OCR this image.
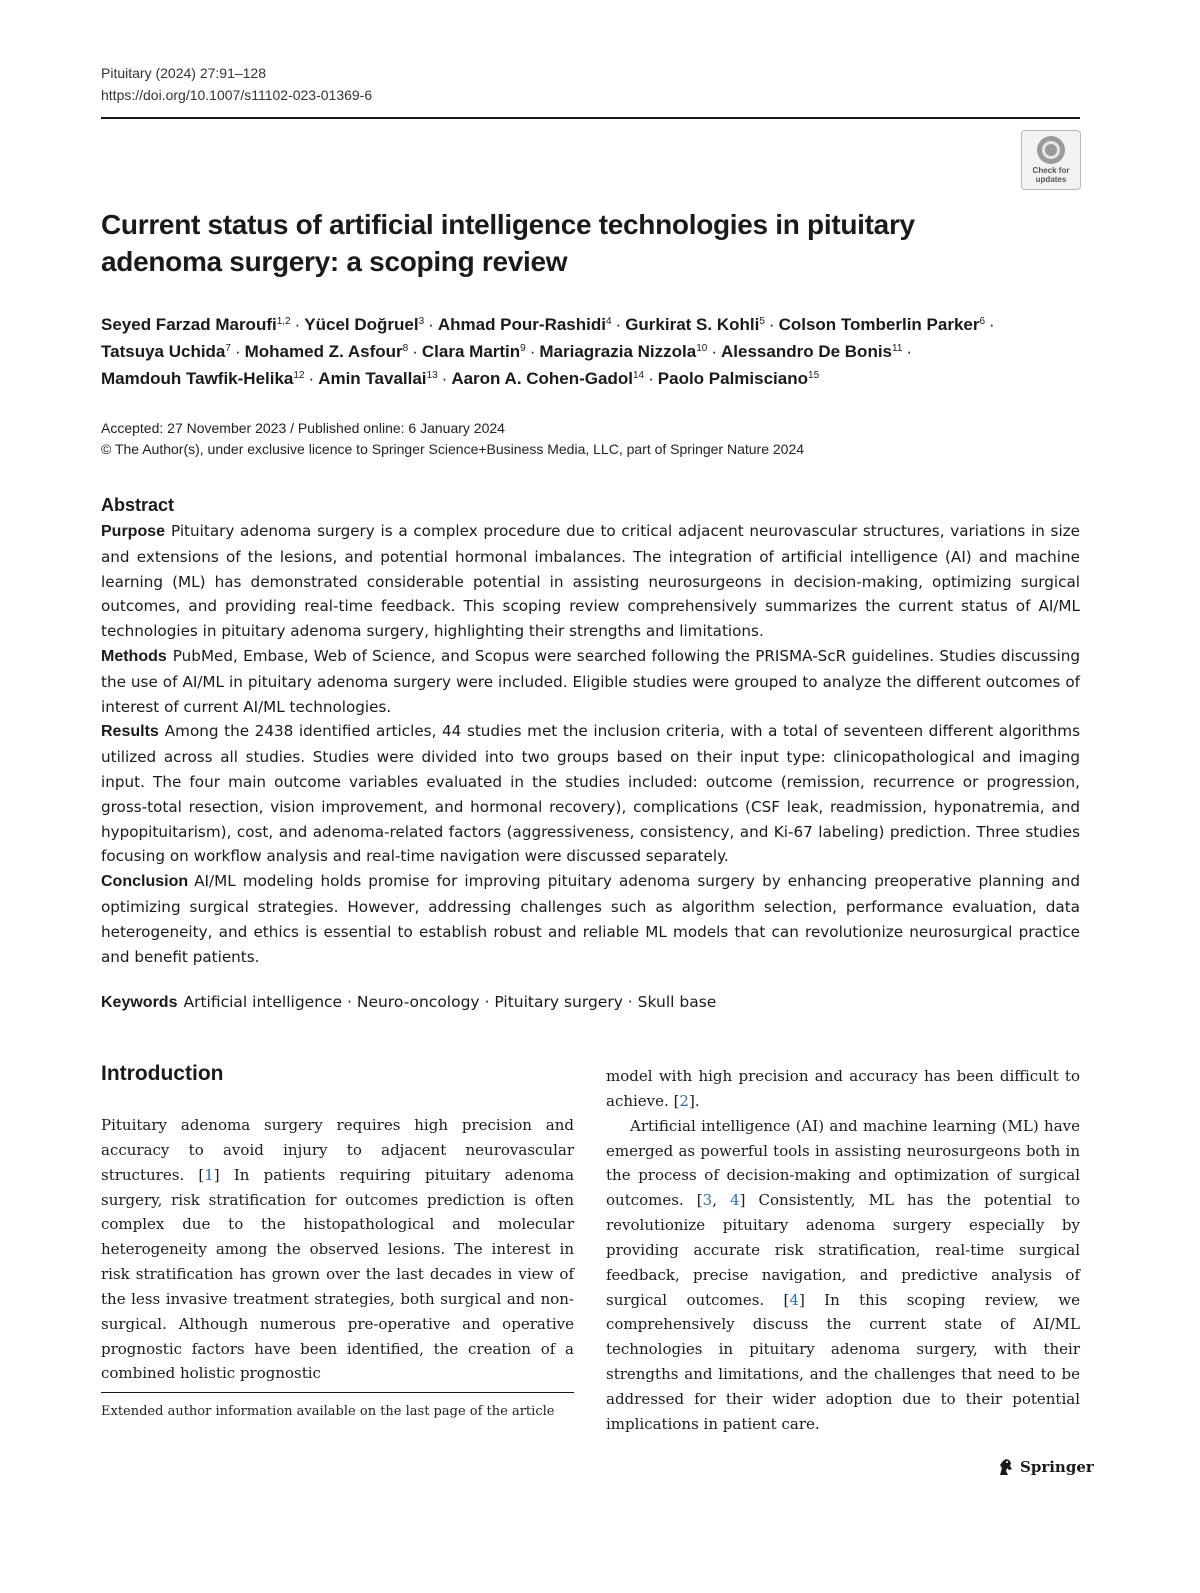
Pituitary (2024) 27:91–128
https://doi.org/10.1007/s11102-023-01369-6
Check for updates
Current status of artificial intelligence technologies in pituitary adenoma surgery: a scoping review
Seyed Farzad Maroufi$^{1,2}$ · Yücel Doğruel$^3$ · Ahmad Pour‑Rashidi$^4$ · Gurkirat S. Kohli$^5$ · Colson Tomberlin Parker$^6$ ·
Tatsuya Uchida$^7$ · Mohamed Z. Asfour$^8$ · Clara Martin$^9$ · Mariagrazia Nizzola$^{10}$ · Alessandro De Bonis$^{11}$ ·
Mamdouh Tawfik‑Helika$^{12}$ · Amin Tavallai$^{13}$ · Aaron A. Cohen‑Gadol$^{14}$ · Paolo Palmisciano$^{15}$
Accepted: 27 November 2023 / Published online: 6 January 2024
© The Author(s), under exclusive licence to Springer Science+Business Media, LLC, part of Springer Nature 2024
Abstract

Purpose Pituitary adenoma surgery is a complex procedure due to critical adjacent neurovascular structures, variations in size and extensions of the lesions, and potential hormonal imbalances. The integration of artificial intelligence (AI) and machine learning (ML) has demonstrated considerable potential in assisting neurosurgeons in decision-making, optimizing surgical outcomes, and providing real-time feedback. This scoping review comprehensively summarizes the current status of AI/ML technologies in pituitary adenoma surgery, highlighting their strengths and limitations.

Methods PubMed, Embase, Web of Science, and Scopus were searched following the PRISMA-ScR guidelines. Studies discussing the use of AI/ML in pituitary adenoma surgery were included. Eligible studies were grouped to analyze the different outcomes of interest of current AI/ML technologies.

Results Among the 2438 identified articles, 44 studies met the inclusion criteria, with a total of seventeen different algorithms utilized across all studies. Studies were divided into two groups based on their input type: clinicopathological and imaging input. The four main outcome variables evaluated in the studies included: outcome (remission, recurrence or progression, gross-total resection, vision improvement, and hormonal recovery), complications (CSF leak, readmission, hyponatremia, and hypopituitarism), cost, and adenoma-related factors (aggressiveness, consistency, and Ki-67 labeling) prediction. Three studies focusing on workflow analysis and real-time navigation were discussed separately.

Conclusion AI/ML modeling holds promise for improving pituitary adenoma surgery by enhancing preoperative planning and optimizing surgical strategies. However, addressing challenges such as algorithm selection, performance evaluation, data heterogeneity, and ethics is essential to establish robust and reliable ML models that can revolutionize neurosurgical practice and benefit patients.

Keywords Artificial intelligence · Neuro-oncology · Pituitary surgery · Skull base
Introduction

Pituitary adenoma surgery requires high precision and accuracy to avoid injury to adjacent neurovascular structures. [1] In patients requiring pituitary adenoma surgery, risk stratification for outcomes prediction is often complex due to the histopathological and molecular heterogeneity among the observed lesions. The interest in risk stratification has grown over the last decades in view of the less invasive treatment strategies, both surgical and non-surgical. Although numerous pre-operative and operative prognostic factors have been identified, the creation of a combined holistic prognostic

model with high precision and accuracy has been difficult to achieve. [2].

Artificial intelligence (AI) and machine learning (ML) have emerged as powerful tools in assisting neurosurgeons both in the process of decision-making and optimization of surgical outcomes. [3, 4] Consistently, ML has the potential to revolutionize pituitary adenoma surgery especially by providing accurate risk stratification, real-time surgical feedback, precise navigation, and predictive analysis of surgical outcomes. [4] In this scoping review, we comprehensively discuss the current state of AI/ML technologies in pituitary adenoma surgery, with their strengths and limitations, and the challenges that need to be addressed for their wider adoption due to their potential implications in patient care.

Extended author information available on the last page of the article
Springer
